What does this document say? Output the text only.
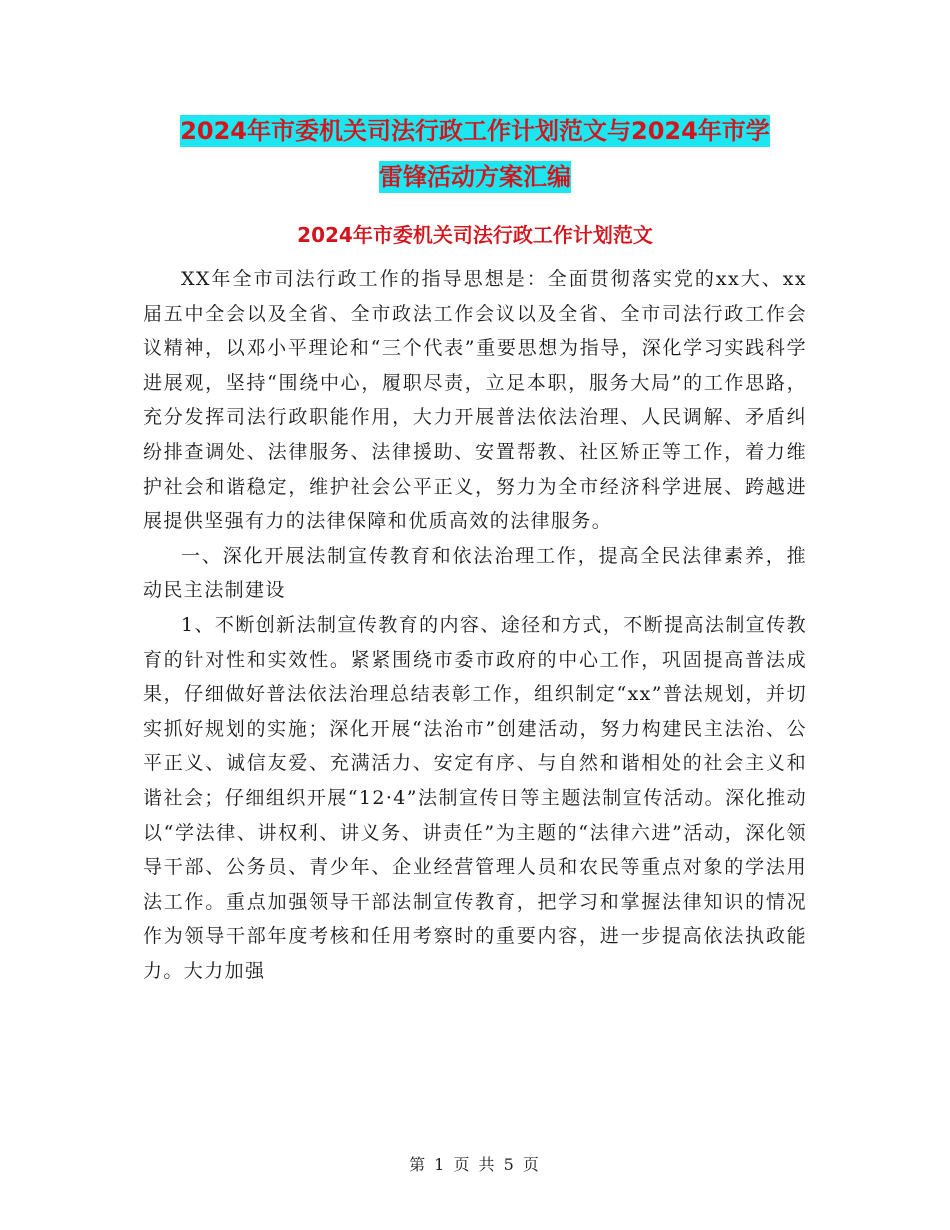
2024年市委机关司法行政工作计划范文与2024年市学
雷锋活动方案汇编
2024年市委机关司法行政工作计划范文

XX年全市司法行政工作的指导思想是：全面贯彻落实党的xx大、xx届五中全会以及全省、全市政法工作会议以及全省、全市司法行政工作会议精神，以邓小平理论和“三个代表”重要思想为指导，深化学习实践科学进展观，坚持“围绕中心，履职尽责，立足本职，服务大局”的工作思路，充分发挥司法行政职能作用，大力开展普法依法治理、人民调解、矛盾纠纷排查调处、法律服务、法律援助、安置帮教、社区矫正等工作，着力维护社会和谐稳定，维护社会公平正义，努力为全市经济科学进展、跨越进展提供坚强有力的法律保障和优质高效的法律服务。

一、深化开展法制宣传教育和依法治理工作，提高全民法律素养，推动民主法制建设

1、不断创新法制宣传教育的内容、途径和方式，不断提高法制宣传教育的针对性和实效性。紧紧围绕市委市政府的中心工作，巩固提高普法成果，仔细做好普法依法治理总结表彰工作，组织制定“xx”普法规划，并切实抓好规划的实施；深化开展“法治市”创建活动，努力构建民主法治、公平正义、诚信友爱、充满活力、安定有序、与自然和谐相处的社会主义和谐社会；仔细组织开展“12·4”法制宣传日等主题法制宣传活动。深化推动以“学法律、讲权利、讲义务、讲责任”为主题的“法律六进”活动，深化领导干部、公务员、青少年、企业经营管理人员和农民等重点对象的学法用法工作。重点加强领导干部法制宣传教育，把学习和掌握法律知识的情况作为领导干部年度考核和任用考察时的重要内容，进一步提高依法执政能力。大力加强

第 1 页 共 5 页
